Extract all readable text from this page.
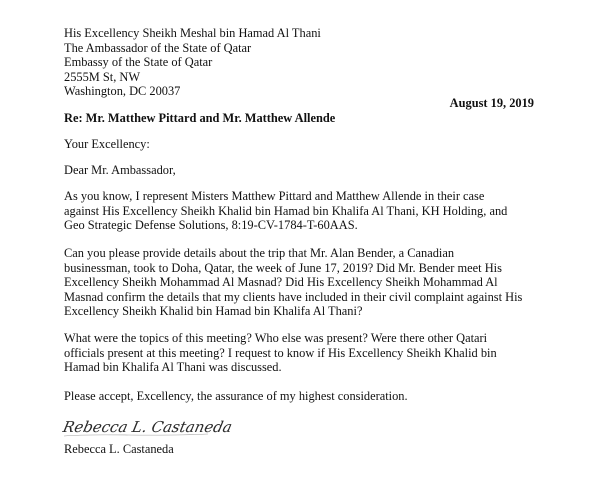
His Excellency Sheikh Meshal bin Hamad Al Thani
The Ambassador of the State of Qatar
Embassy of the State of Qatar
2555M St, NW
Washington, DC 20037
August 19, 2019
Re: Mr. Matthew Pittard and Mr. Matthew Allende
Your Excellency:
Dear Mr. Ambassador,
As you know, I represent Misters Matthew Pittard and Matthew Allende in their case
against His Excellency Sheikh Khalid bin Hamad bin Khalifa Al Thani, KH Holding, and
Geo Strategic Defense Solutions, 8:19-CV-1784-T-60AAS.
Can you please provide details about the trip that Mr. Alan Bender, a Canadian
businessman, took to Doha, Qatar, the week of June 17, 2019? Did Mr. Bender meet His
Excellency Sheikh Mohammad Al Masnad? Did His Excellency Sheikh Mohammad Al
Masnad confirm the details that my clients have included in their civil complaint against His
Excellency Sheikh Khalid bin Hamad bin Khalifa Al Thani?
What were the topics of this meeting? Who else was present? Were there other Qatari
officials present at this meeting? I request to know if His Excellency Sheikh Khalid bin
Hamad bin Khalifa Al Thani was discussed.
Please accept, Excellency, the assurance of my highest consideration.
Rebecca L. Castaneda
Rebecca L. Castaneda
